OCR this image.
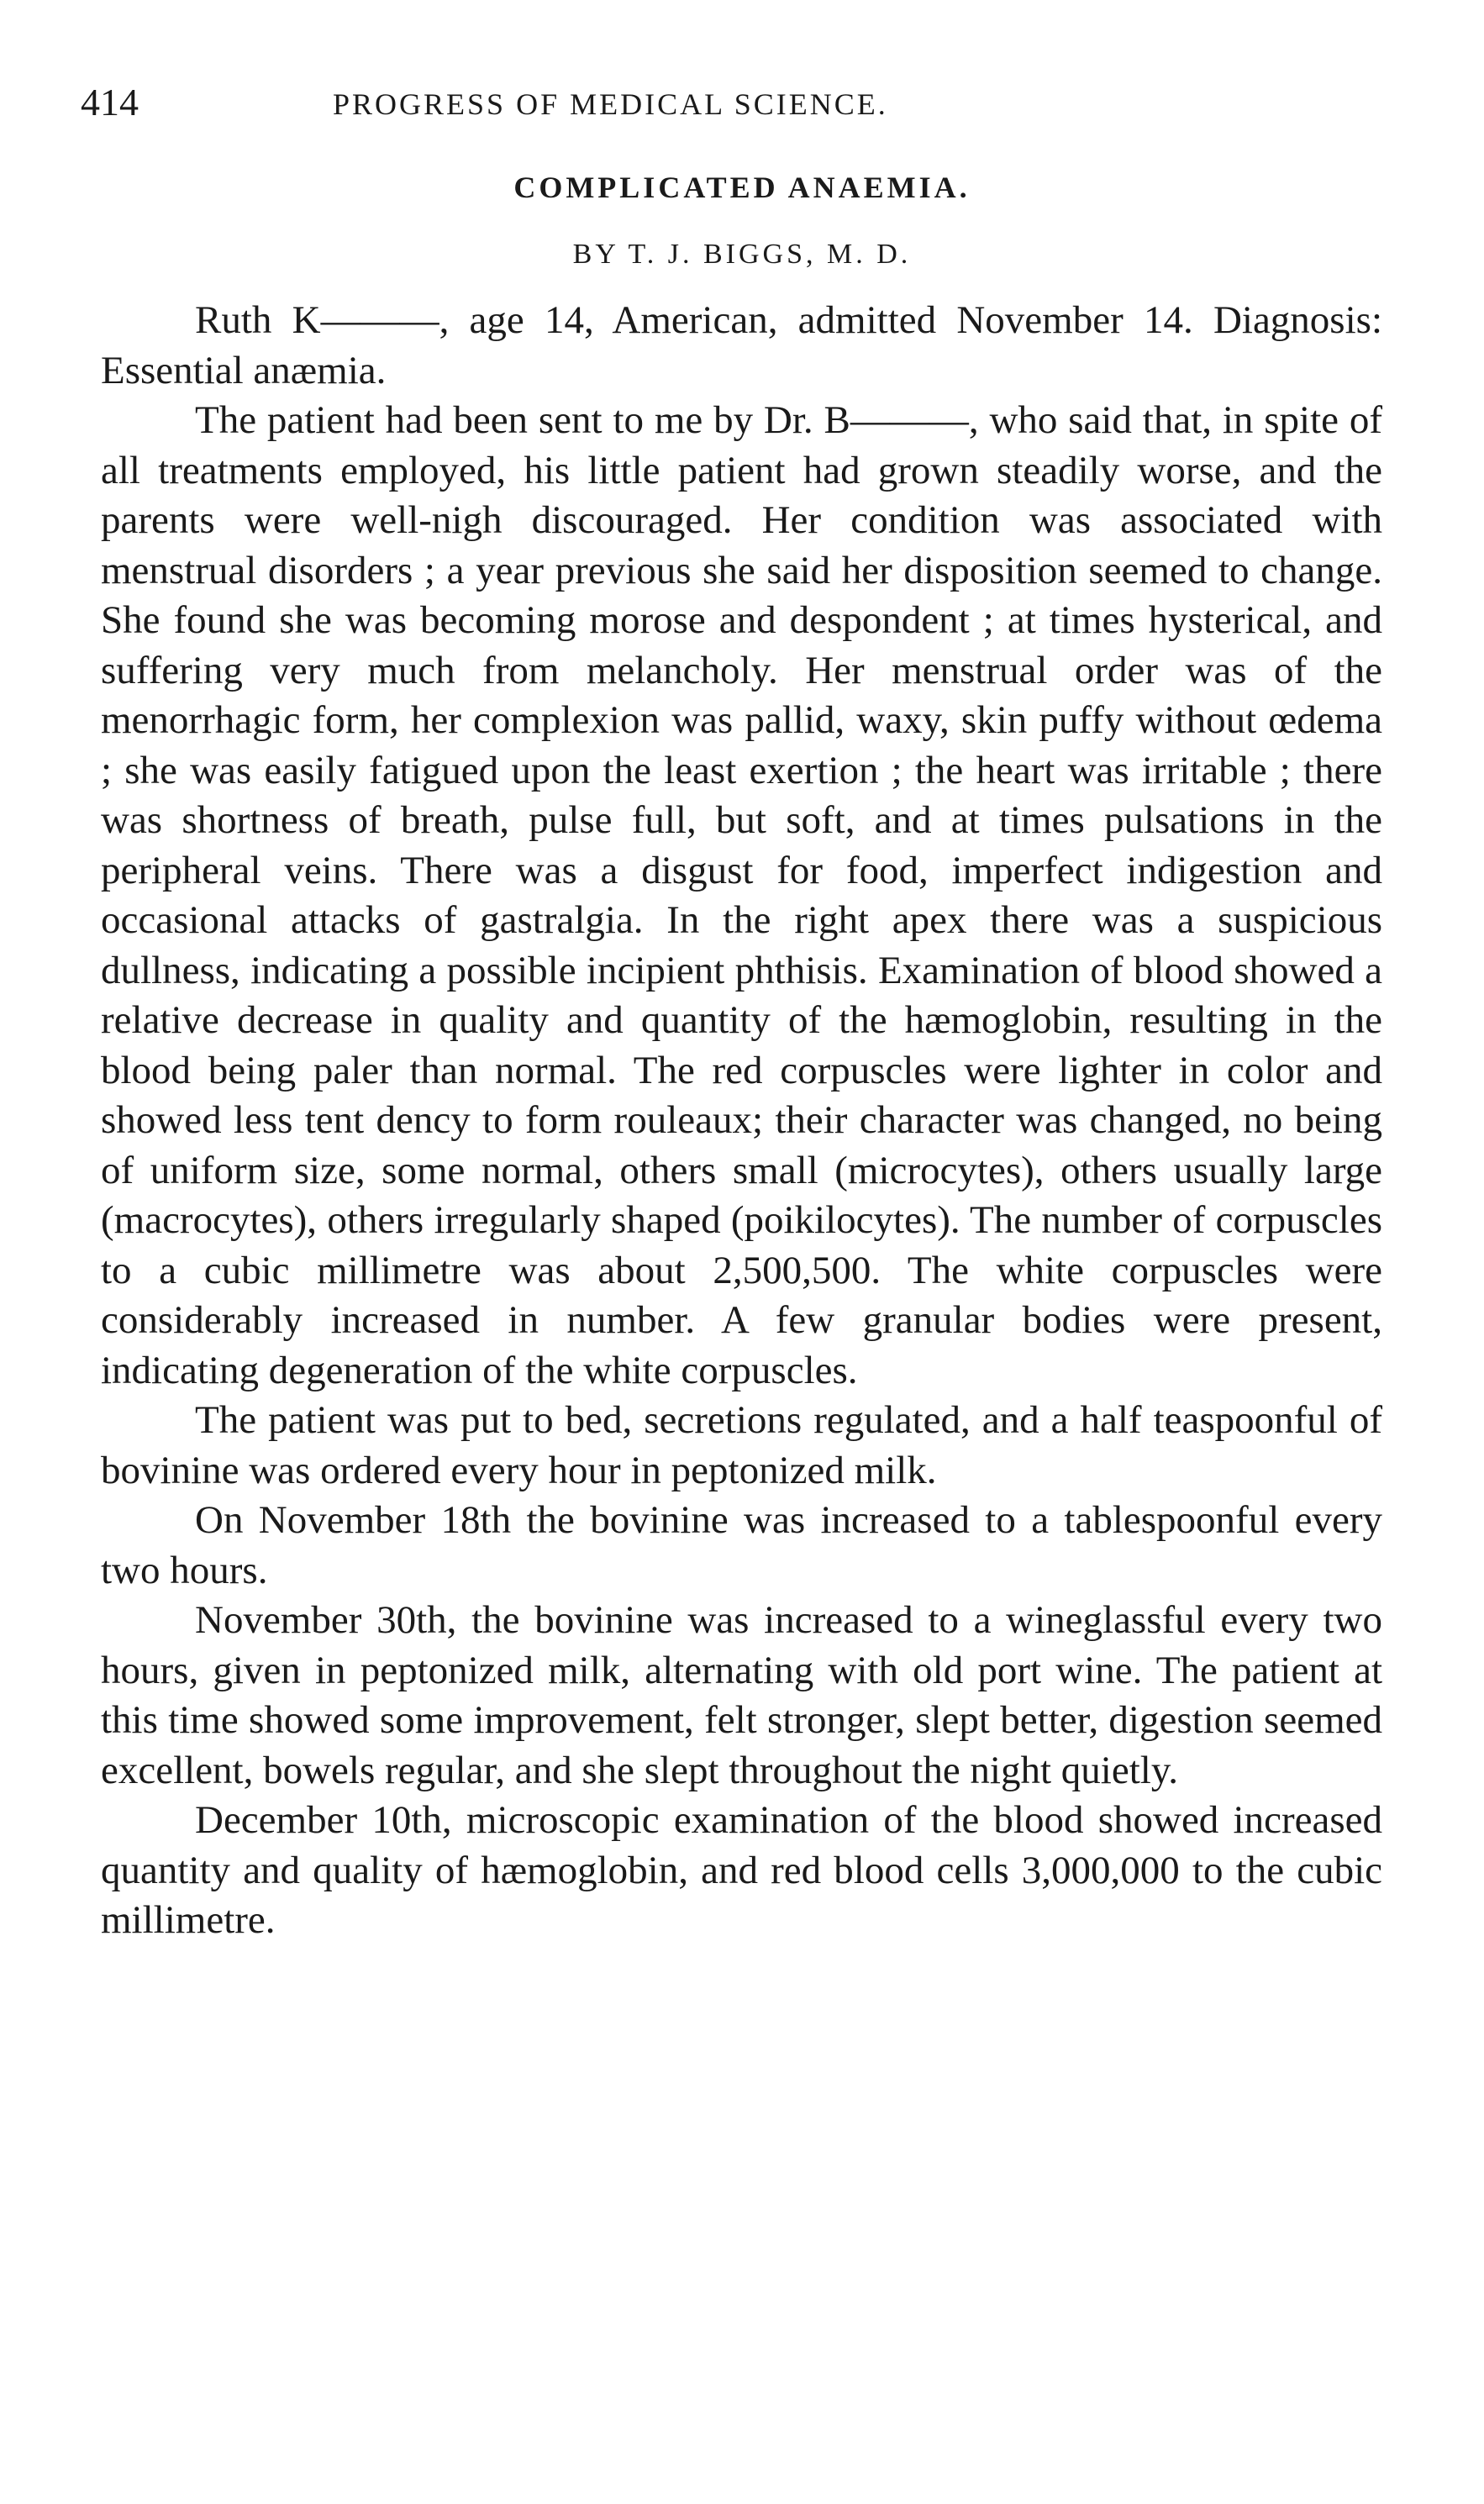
414	PROGRESS OF MEDICAL SCIENCE.
COMPLICATED ANAEMIA.
BY T. J. BIGGS, M. D.

Ruth K———, age 14, American, admitted November 14. Diagnosis: Essential anæmia.

The patient had been sent to me by Dr. B———, who said that, in spite of all treatments employed, his little patient had grown steadily worse, and the parents were well-nigh discouraged. Her condition was associated with menstrual disorders ; a year previous she said her disposition seemed to change. She found she was becoming morose and despondent ; at times hysterical, and suffering very much from melancholy. Her menstrual order was of the menorrhagic form, her complexion was pallid, waxy, skin puffy without œdema ; she was easily fatigued upon the least exertion ; the heart was irritable ; there was shortness of breath, pulse full, but soft, and at times pulsations in the peripheral veins. There was a disgust for food, imperfect indigestion and occasional attacks of gastralgia. In the right apex there was a suspicious dullness, indicating a possible incipient phthisis. Examination of blood showed a relative decrease in quality and quantity of the hæmoglobin, resulting in the blood being paler than normal. The red corpuscles were lighter in color and showed less tent dency to form rouleaux; their character was changed, no being of uniform size, some normal, others small (microcytes), others usually large (macrocytes), others irregularly shaped (poikilocytes). The number of corpuscles to a cubic millimetre was about 2,500,500. The white corpuscles were considerably increased in number. A few granular bodies were present, indicating degeneration of the white corpuscles.

The patient was put to bed, secretions regulated, and a half teaspoonful of bovinine was ordered every hour in peptonized milk.

On November 18th the bovinine was increased to a tablespoonful every two hours.

November 30th, the bovinine was increased to a wineglassful every two hours, given in peptonized milk, alternating with old port wine. The patient at this time showed some improvement, felt stronger, slept better, digestion seemed excellent, bowels regular, and she slept throughout the night quietly.

December 10th, microscopic examination of the blood showed increased quantity and quality of hæmoglobin, and red blood cells 3,000,000 to the cubic millimetre.
